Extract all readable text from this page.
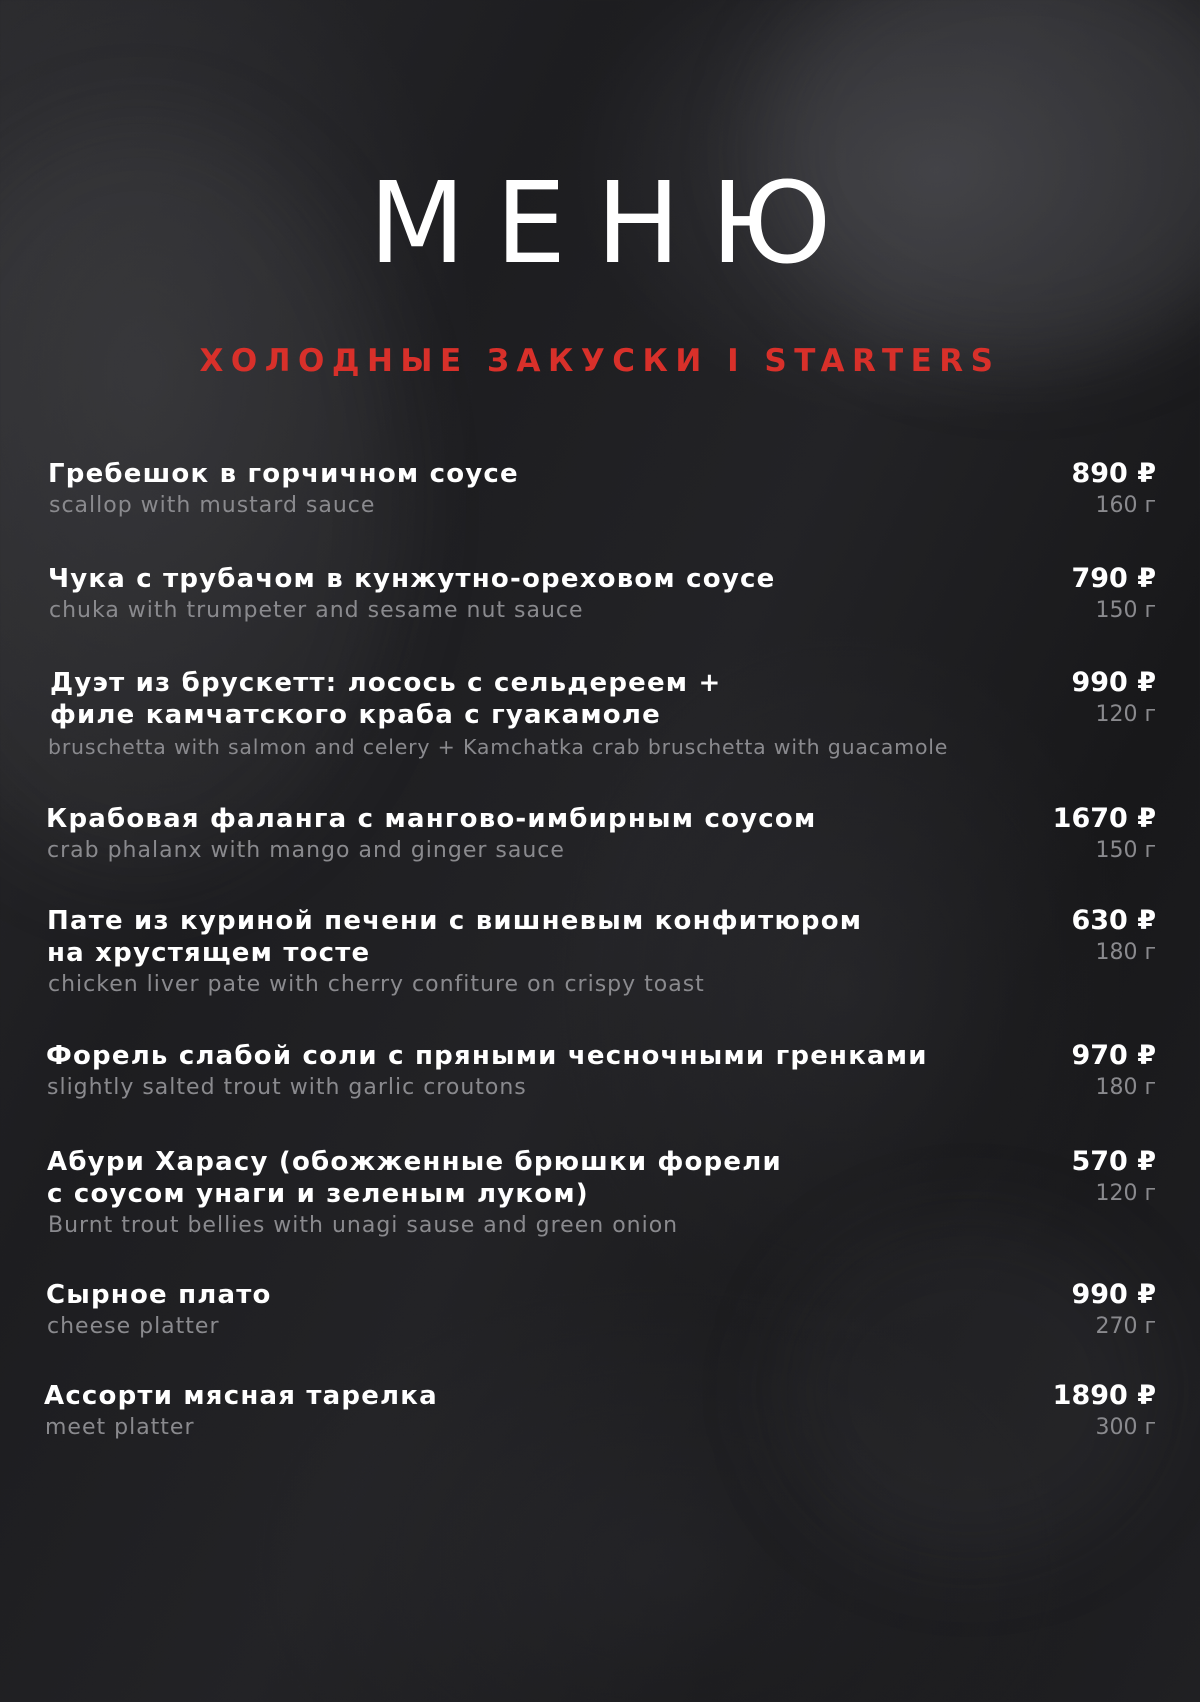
МЕНЮ
ХОЛОДНЫЕ ЗАКУСКИ I STARTERS
Гребешок в горчичном соусе
scallop with mustard sauce
890 ₽
160 г
Чука с трубачом в кунжутно-ореховом соусе
chuka with trumpeter and sesame nut sauce
790 ₽
150 г
Дуэт из брускетт: лосось с сельдереем +
филе камчатского краба с гуакамоле
bruschetta with salmon and celery + Kamchatka crab bruschetta with guacamole
990 ₽
120 г
Крабовая фаланга с мангово-имбирным соусом
crab phalanx with mango and ginger sauce
1670 ₽
150 г
Пате из куриной печени с вишневым конфитюром
на хрустящем тосте
chicken liver pate with cherry confiture on crispy toast
630 ₽
180 г
Форель слабой соли с пряными чесночными гренками
slightly salted trout with garlic croutons
970 ₽
180 г
Абури Харасу (обожженные брюшки форели
с соусом унаги и зеленым луком)
Burnt trout bellies with unagi sause and green onion
570 ₽
120 г
Сырное плато
cheese platter
990 ₽
270 г
Ассорти мясная тарелка
meet platter
1890 ₽
300 г
